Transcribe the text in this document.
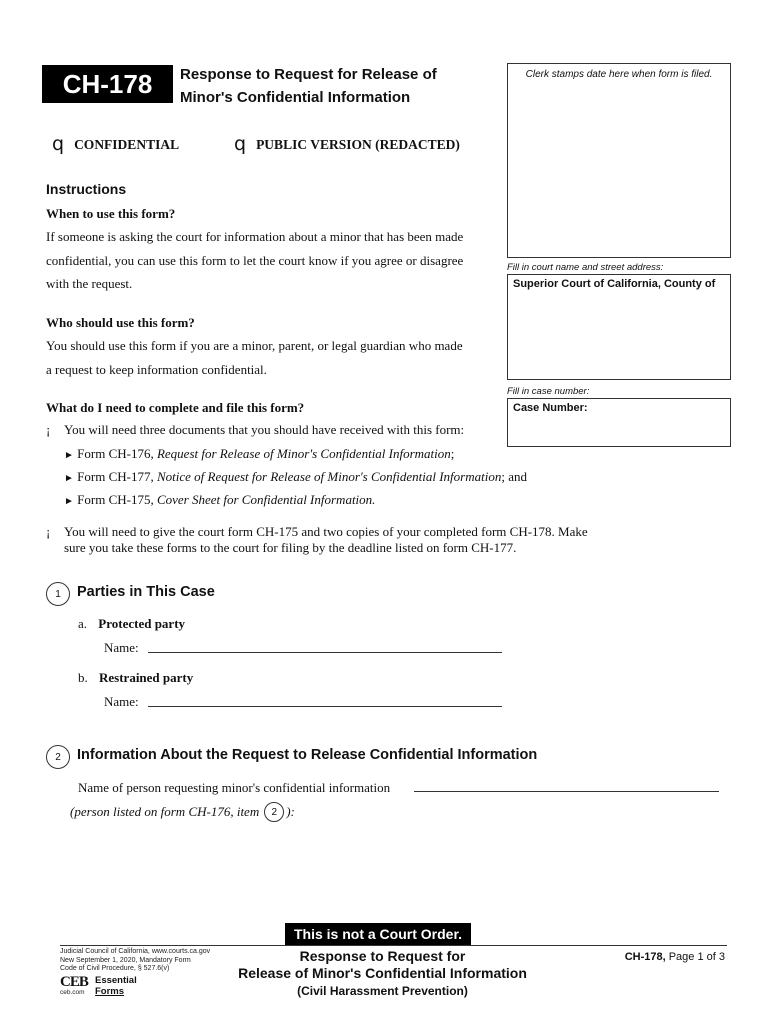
CH-178	Response to Request for Release of
Minor's Confidential Information
Clerk stamps date here when form is filed.
Fill in court name and street address:
Superior Court of California, County of
Fill in case number:
Case Number:
q CONFIDENTIAL	q PUBLIC VERSION (REDACTED)
Instructions
When to use this form?
If someone is asking the court for information about a minor that has been made
confidential, you can use this form to let the court know if you agree or disagree
with the request.
Who should use this form?
You should use this form if you are a minor, parent, or legal guardian who made
a request to keep information confidential.
What do I need to complete and file this form?
¡	You will need three documents that you should have received with this form:
► Form CH-176, Request for Release of Minor's Confidential Information;
► Form CH-177, Notice of Request for Release of Minor's Confidential Information; and
► Form CH-175, Cover Sheet for Confidential Information.
¡	You will need to give the court form CH-175 and two copies of your completed form CH-178. Make
sure you take these forms to the court for filing by the deadline listed on form CH-177.
1	Parties in This Case
a. Protected party
Name:
b. Restrained party
Name:
2	Information About the Request to Release Confidential Information
Name of person requesting minor's confidential information
(person listed on form CH-176, item	2 ):
This is not a Court Order.
Judicial Council of California, www.courts.ca.gov
New September 1, 2020, Mandatory Form
Code of Civil Procedure, § 527.6(v)
CEB
ceb.com
Essential
Forms
Response to Request for
Release of Minor's Confidential Information
(Civil Harassment Prevention)
CH-178, Page 1 of 3
